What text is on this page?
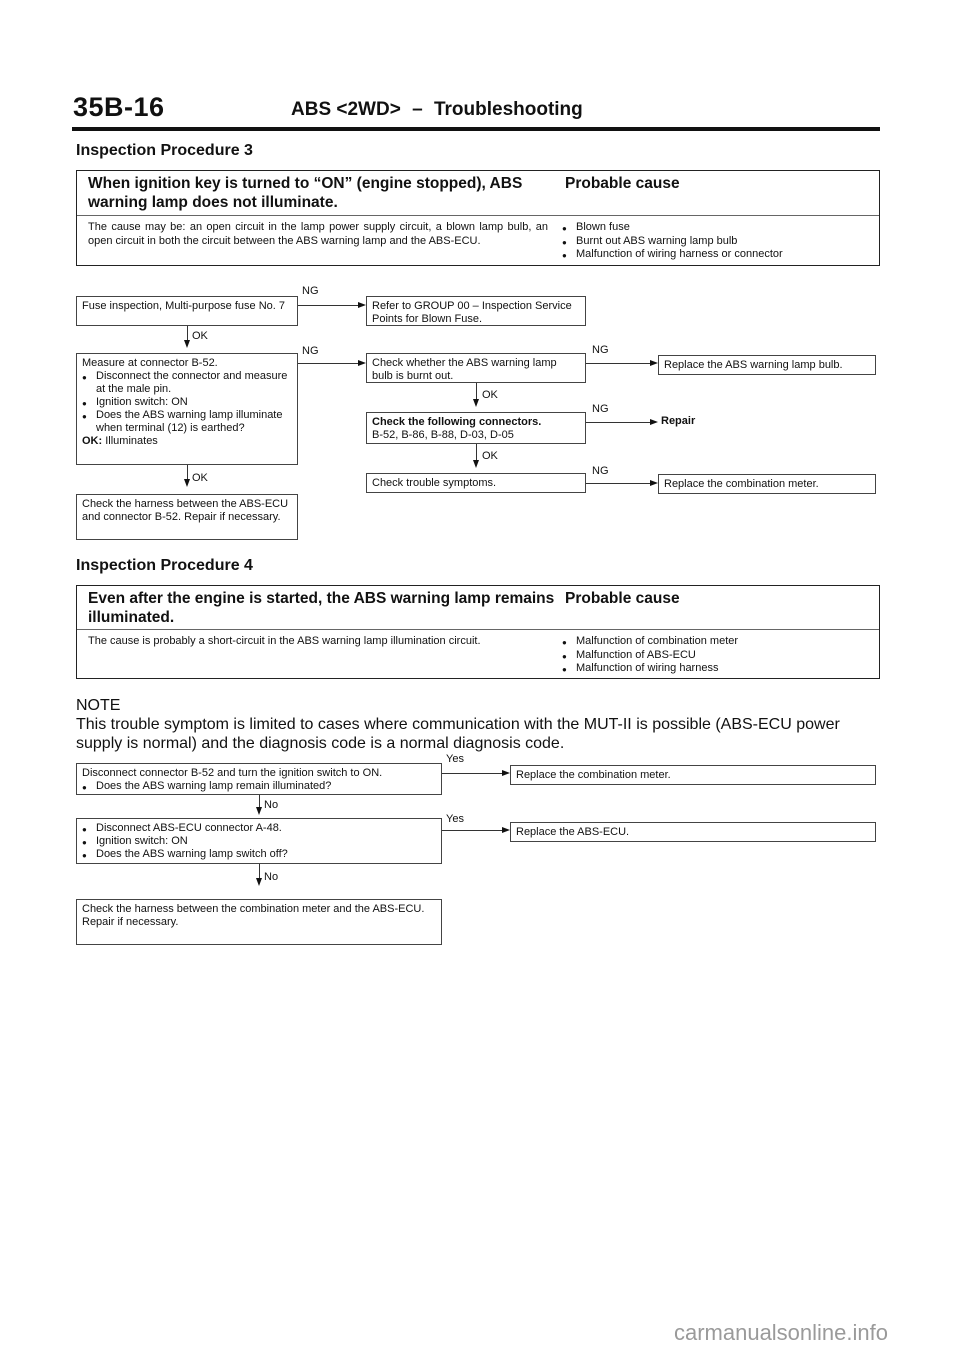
35B-16	ABS <2WD> – Troubleshooting
Inspection Procedure 3
When ignition key is turned to “ON” (engine stopped), ABS warning lamp does not illuminate.
Probable cause
The cause may be: an open circuit in the lamp power supply circuit, a blown lamp bulb, an open circuit in both the circuit between the ABS warning lamp and the ABS-ECU.
● Blown fuse
● Burnt out ABS warning lamp bulb
● Malfunction of wiring harness or connector
Fuse inspection, Multi-purpose fuse No. 7
NG
Refer to GROUP 00 – Inspection Service Points for Blown Fuse.
OK
Measure at connector B-52.
● Disconnect the connector and measure at the male pin.
● Ignition switch: ON
● Does the ABS warning lamp illuminate when terminal (12) is earthed?
OK: Illuminates
NG
OK
Check the harness between the ABS-ECU and connector B-52. Repair if necessary.
Check whether the ABS warning lamp bulb is burnt out.
NG
Replace the ABS warning lamp bulb.
OK
Check the following connectors.
B-52, B-86, B-88, D-03, D-05
NG
Repair
OK
Check trouble symptoms.
NG
Replace the combination meter.
Inspection Procedure 4
Even after the engine is started, the ABS warning lamp remains illuminated.
Probable cause
The cause is probably a short-circuit in the ABS warning lamp illumination circuit.
●	Malfunction of combination meter
● Malfunction of ABS-ECU
● Malfunction of wiring harness
NOTE
This trouble symptom is limited to cases where communication with the MUT-II is possible (ABS-ECU power supply is normal) and the diagnosis code is a normal diagnosis code.
Disconnect connector B-52 and turn the ignition switch to ON.
● Does the ABS warning lamp remain illuminated?
Yes
Replace the combination meter.
No
● Disconnect ABS-ECU connector A-48.
● Ignition switch: ON
● Does the ABS warning lamp switch off?
Yes
Replace the ABS-ECU.
No
Check the harness between the combination meter and the ABS-ECU.
Repair if necessary.
carmanualsonline.info
